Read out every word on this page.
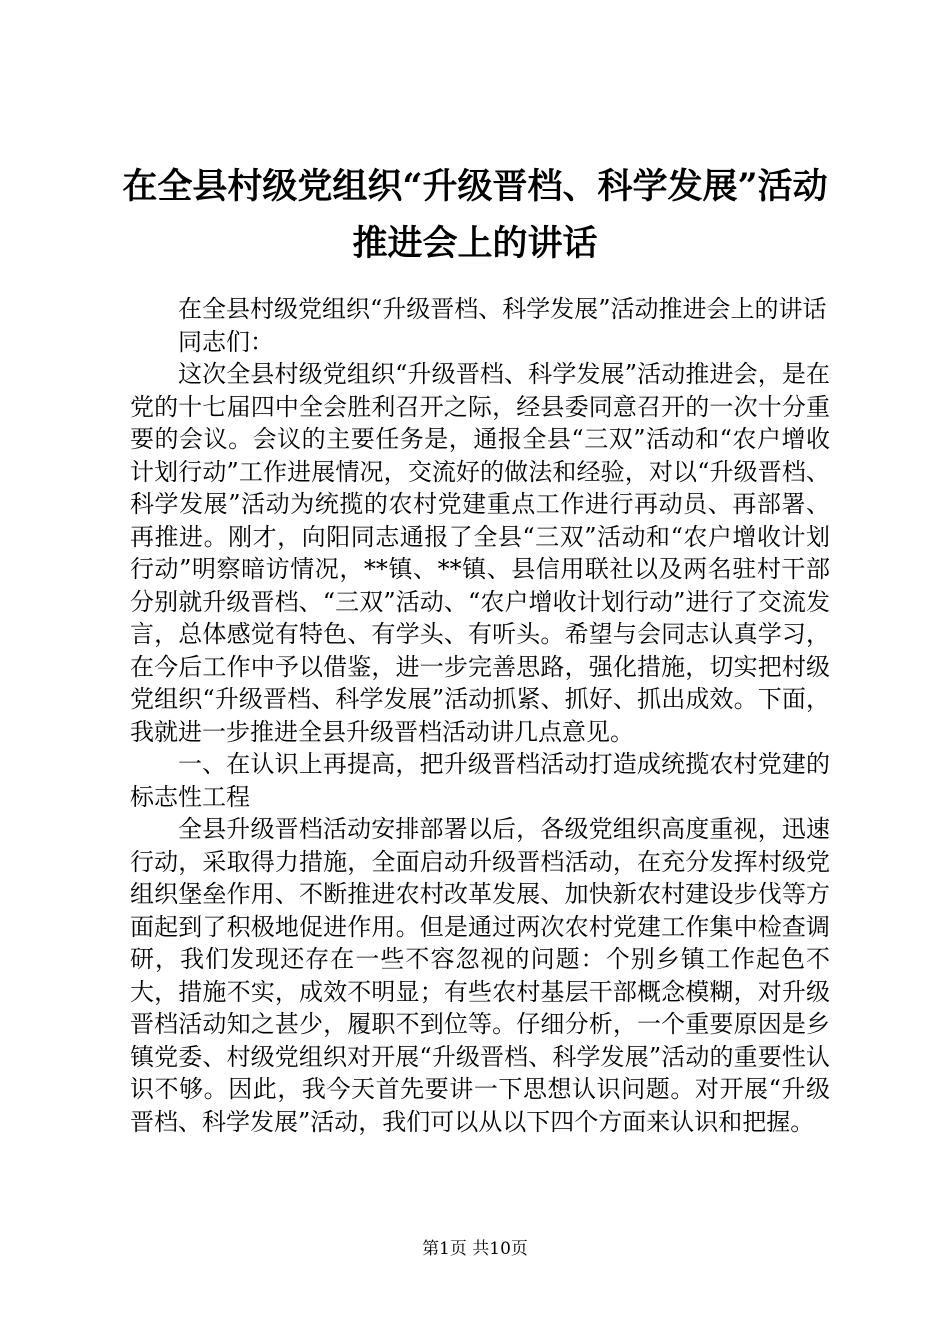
在全县村级党组织“升级晋档、科学发展”活动推进会上的讲话

在全县村级党组织“升级晋档、科学发展”活动推进会上的讲话

同志们：

这次全县村级党组织“升级晋档、科学发展”活动推进会，是在党的十七届四中全会胜利召开之际，经县委同意召开的一次十分重要的会议。会议的主要任务是，通报全县“三双”活动和“农户增收计划行动”工作进展情况，交流好的做法和经验，对以“升级晋档、科学发展”活动为统揽的农村党建重点工作进行再动员、再部署、再推进。刚才，向阳同志通报了全县“三双”活动和“农户增收计划行动”明察暗访情况，**镇、**镇、县信用联社以及两名驻村干部分别就升级晋档、“三双”活动、“农户增收计划行动”进行了交流发言，总体感觉有特色、有学头、有听头。希望与会同志认真学习，在今后工作中予以借鉴，进一步完善思路，强化措施，切实把村级党组织“升级晋档、科学发展”活动抓紧、抓好、抓出成效。下面，我就进一步推进全县升级晋档活动讲几点意见。

一、在认识上再提高，把升级晋档活动打造成统揽农村党建的标志性工程

全县升级晋档活动安排部署以后，各级党组织高度重视，迅速行动，采取得力措施，全面启动升级晋档活动，在充分发挥村级党组织堡垒作用、不断推进农村改革发展、加快新农村建设步伐等方面起到了积极地促进作用。但是通过两次农村党建工作集中检查调研，我们发现还存在一些不容忽视的问题：个别乡镇工作起色不大，措施不实，成效不明显；有些农村基层干部概念模糊，对升级晋档活动知之甚少，履职不到位等。仔细分析，一个重要原因是乡镇党委、村级党组织对开展“升级晋档、科学发展”活动的重要性认识不够。因此，我今天首先要讲一下思想认识问题。对开展“升级晋档、科学发展”活动，我们可以从以下四个方面来认识和把握。

第1页 共10页
